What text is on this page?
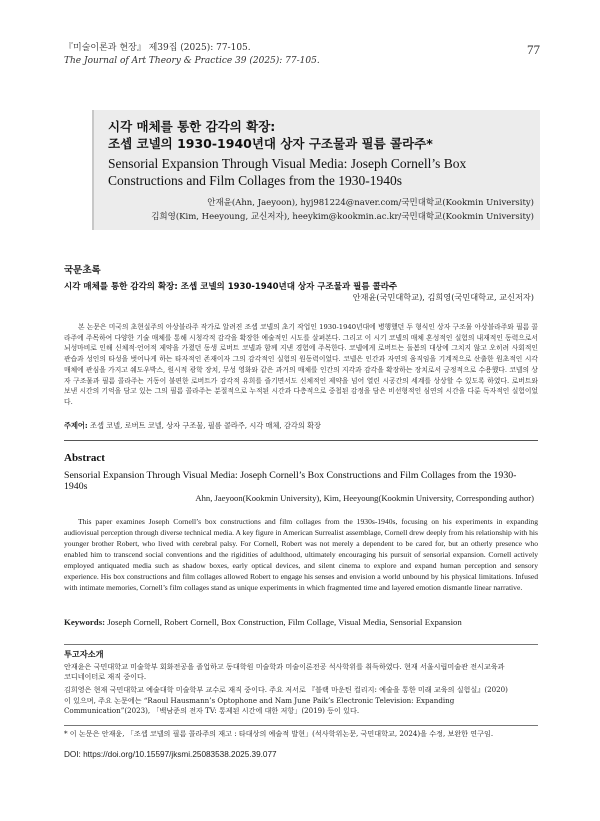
『미술이론과 현장』 제39집 (2025): 77-105.
The Journal of Art Theory & Practice 39 (2025): 77-105.
77
시각 매체를 통한 감각의 확장:
조셉 코넬의 1930-1940년대 상자 구조물과 필름 콜라주*
Sensorial Expansion Through Visual Media: Joseph Cornell’s Box Constructions and Film Collages from the 1930-1940s
안재윤(Ahn, Jaeyoon), hyj981224@naver.com/국민대학교(Kookmin University)
김희영(Kim, Heeyoung, 교신저자), heeykim@kookmin.ac.kr/국민대학교(Kookmin University)
국문초록
시각 매체를 통한 감각의 확장: 조셉 코넬의 1930-1940년대 상자 구조물과 필름 콜라주
안재윤(국민대학교), 김희영(국민대학교, 교신저자)

본 논문은 미국의 초현실주의 아상블라주 작가로 알려진 조셉 코넬의 초기 작업인 1930-1940년대에 병행했던 두 형식인 상자 구조물 아상블라주와 필름 콜라주에 주목하여 다양한 기술 매체를 통해 시청각적 감각을 확장한 예술적인 시도를 살펴본다. 그리고 이 시기 코넬의 매체 혼성적인 실험의 내재적인 동력으로서 뇌성마비로 인해 신체적·언어적 제약을 가졌던 동생 로버트 코넬과 함께 지낸 경험에 주목한다. 코넬에게 로버트는 돌봄의 대상에 그치지 않고 오히려 사회적인 관습과 성인의 타성을 벗어나게 하는 타자적인 존재이자 그의 감각적인 실험의 원동력이었다. 코넬은 인간과 자연의 움직임을 기계적으로 산출한 원초적인 시각 매체에 관심을 가지고 쉐도우박스, 원시적 광학 장치, 무성 영화와 같은 과거의 매체를 인간의 지각과 감각을 확장하는 장치로서 긍정적으로 수용했다. 코넬의 상자 구조물과 필름 콜라주는 거동이 불편한 로버트가 감각적 유희를 즐기면서도 신체적인 제약을 넘어 열린 시공간의 세계를 상상할 수 있도록 하였다. 로버트와 보낸 시간의 기억을 담고 있는 그의 필름 콜라주는 분절적으로 누적된 시간과 다층적으로 중첩된 감정을 담은 비선형적인 심연의 시간을 다룬 독자적인 실험이었다.

주제어: 조셉 코넬, 로버트 코넬, 상자 구조물, 필름 콜라주, 시각 매체, 감각의 확장
Abstract
Sensorial Expansion Through Visual Media: Joseph Cornell’s Box Constructions and Film Collages from the 1930-1940s
Ahn, Jaeyoon(Kookmin University), Kim, Heeyoung(Kookmin University, Corresponding author)

This paper examines Joseph Cornell’s box constructions and film collages from the 1930s-1940s, focusing on his experiments in expanding audiovisual perception through diverse technical media. A key figure in American Surrealist assemblage, Cornell drew deeply from his relationship with his younger brother Robert, who lived with cerebral palsy. For Cornell, Robert was not merely a dependent to be cared for, but an otherly presence who enabled him to transcend social conventions and the rigidities of adulthood, ultimately encouraging his pursuit of sensorial expansion. Cornell actively employed antiquated media such as shadow boxes, early optical devices, and silent cinema to explore and expand human perception and sensory experience. His box constructions and film collages allowed Robert to engage his senses and envision a world unbound by his physical limitations. Infused with intimate memories, Cornell’s film collages stand as unique experiments in which fragmented time and layered emotion dismantle linear narrative.

Keywords: Joseph Cornell, Robert Cornell, Box Construction, Film Collage, Visual Media, Sensorial Expansion
투고자소개

안재윤은 국민대학교 미술학부 회화전공을 졸업하고 동대학원 미술학과 미술이론전공 석사학위를 취득하였다. 현재 서울시립미술관 전시교육과 코디네이터로 재직 중이다.

김희영은 현재 국민대학교 예술대학 미술학부 교수로 재직 중이다. 주요 저서로 『블랙 마운틴 컬리지: 예술을 통한 미래 교육의 실험실』(2020)이 있으며, 주요 논문에는 “Raoul Hausmann’s Optophone and Nam June Paik’s Electronic Television: Expanding Communication”(2023), 「백남준의 전자 TV: 통제된 시간에 대한 저항」(2019) 등이 있다.

* 이 논문은 안재윤, 「조셉 코넬의 필름 콜라주의 재고 : 타대상의 예술적 발현」(석사학위논문, 국민대학교, 2024)을 수정, 보완한 연구임.

DOI: https://doi.org/10.15597/jksmi.25083538.2025.39.077
